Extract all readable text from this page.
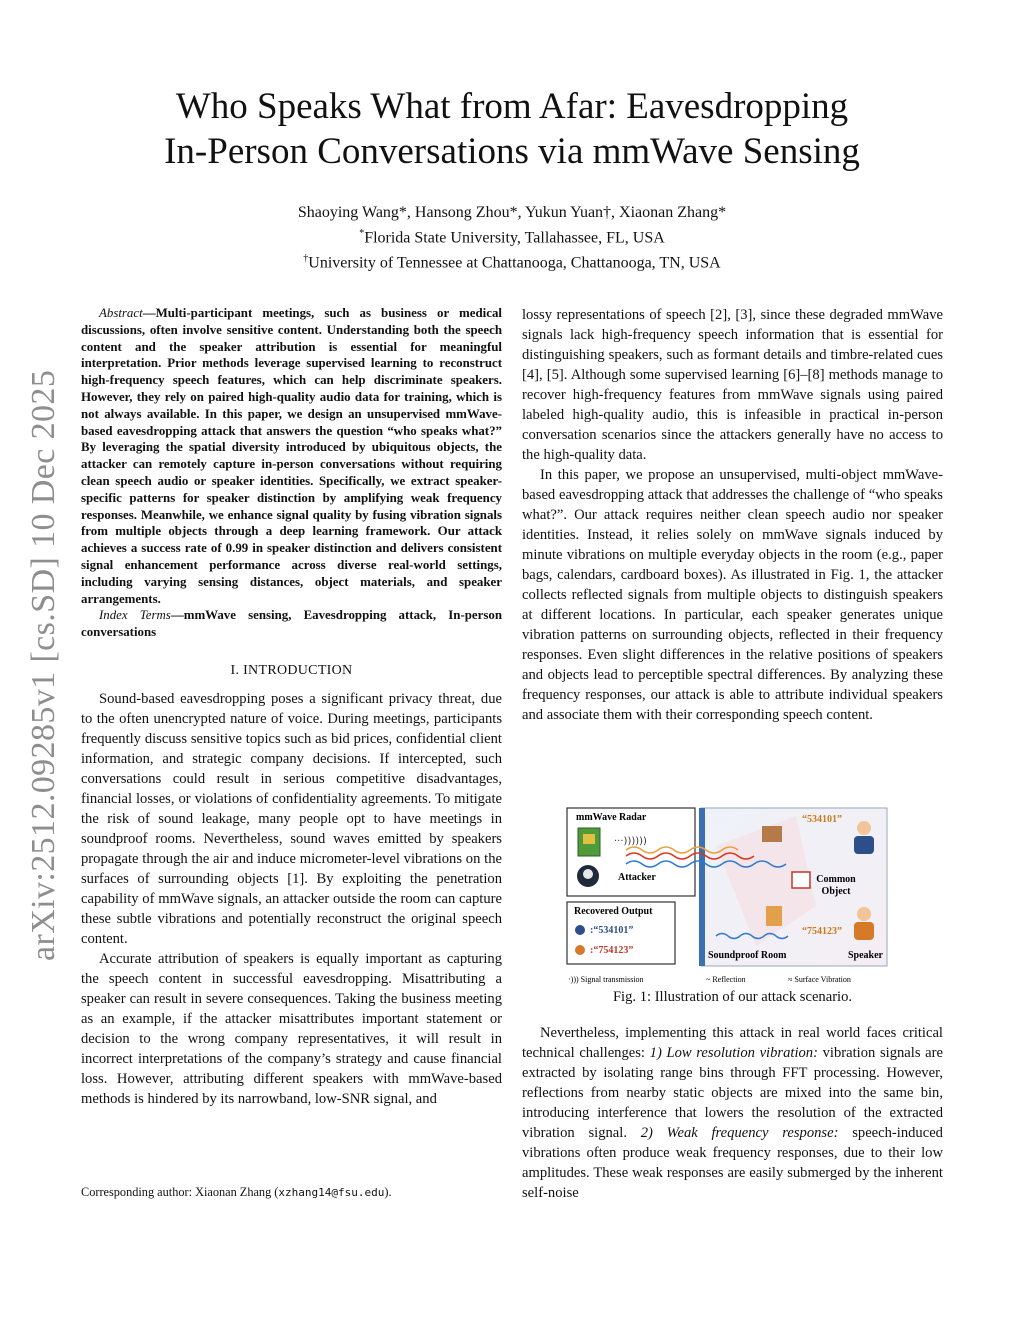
arXiv:2512.09285v1 [cs.SD] 10 Dec 2025
Who Speaks What from Afar: Eavesdropping
In-Person Conversations via mmWave Sensing
Shaoying Wang*, Hansong Zhou*, Yukun Yuan†, Xiaonan Zhang*
*Florida State University, Tallahassee, FL, USA
†University of Tennessee at Chattanooga, Chattanooga, TN, USA

Abstract—Multi-participant meetings, such as business or medical discussions, often involve sensitive content. Understanding both the speech content and the speaker attribution is essential for meaningful interpretation. Prior methods leverage supervised learning to reconstruct high-frequency speech features, which can help discriminate speakers. However, they rely on paired high-quality audio data for training, which is not always available. In this paper, we design an unsupervised mmWave-based eavesdropping attack that answers the question “who speaks what?” By leveraging the spatial diversity introduced by ubiquitous objects, the attacker can remotely capture in-person conversations without requiring clean speech audio or speaker identities. Specifically, we extract speaker-specific patterns for speaker distinction by amplifying weak frequency responses. Meanwhile, we enhance signal quality by fusing vibration signals from multiple objects through a deep learning framework. Our attack achieves a success rate of 0.99 in speaker distinction and delivers consistent signal enhancement performance across diverse real-world settings, including varying sensing distances, object materials, and speaker arrangements.

Index Terms—mmWave sensing, Eavesdropping attack, In-person conversations

I. INTRODUCTION

Sound-based eavesdropping poses a significant privacy threat, due to the often unencrypted nature of voice. During meetings, participants frequently discuss sensitive topics such as bid prices, confidential client information, and strategic company decisions. If intercepted, such conversations could result in serious competitive disadvantages, financial losses, or violations of confidentiality agreements. To mitigate the risk of sound leakage, many people opt to have meetings in soundproof rooms. Nevertheless, sound waves emitted by speakers propagate through the air and induce micrometer-level vibrations on the surfaces of surrounding objects [1]. By exploiting the penetration capability of mmWave signals, an attacker outside the room can capture these subtle vibrations and potentially reconstruct the original speech content.

Accurate attribution of speakers is equally important as capturing the speech content in successful eavesdropping. Misattributing a speaker can result in severe consequences. Taking the business meeting as an example, if the attacker misattributes important statement or decision to the wrong company representatives, it will result in incorrect interpretations of the company’s strategy and cause financial loss. However, attributing different speakers with mmWave-based methods is hindered by its narrowband, low-SNR signal, and

Corresponding author: Xiaonan Zhang (xzhang14@fsu.edu).

lossy representations of speech [2], [3], since these degraded mmWave signals lack high-frequency speech information that is essential for distinguishing speakers, such as formant details and timbre-related cues [4], [5]. Although some supervised learning [6]–[8] methods manage to recover high-frequency features from mmWave signals using paired labeled high-quality audio, this is infeasible in practical in-person conversation scenarios since the attackers generally have no access to the high-quality data.

In this paper, we propose an unsupervised, multi-object mmWave-based eavesdropping attack that addresses the challenge of “who speaks what?”. Our attack requires neither clean speech audio nor speaker identities. Instead, it relies solely on mmWave signals induced by minute vibrations on multiple everyday objects in the room (e.g., paper bags, calendars, cardboard boxes). As illustrated in Fig. 1, the attacker collects reflected signals from multiple objects to distinguish speakers at different locations. In particular, each speaker generates unique vibration patterns on surrounding objects, reflected in their frequency responses. Even slight differences in the relative positions of speakers and objects lead to perceptible spectral differences. By analyzing these frequency responses, our attack is able to attribute individual speakers and associate them with their corresponding speech content.

mmWave Radar
···))))))
Attacker	Common
Object
“534101”
“754123”
Soundproof Room	Speaker
Recovered Output
:“534101”
:“754123”
·))) Signal transmission	~ Reflection	≈ Surface Vibration
Fig. 1: Illustration of our attack scenario.

Nevertheless, implementing this attack in real world faces critical technical challenges: 1) Low resolution vibration: vibration signals are extracted by isolating range bins through FFT processing. However, reflections from nearby static objects are mixed into the same bin, introducing interference that lowers the resolution of the extracted vibration signal. 2) Weak frequency response: speech-induced vibrations often produce weak frequency responses, due to their low amplitudes. These weak responses are easily submerged by the inherent self-noise
